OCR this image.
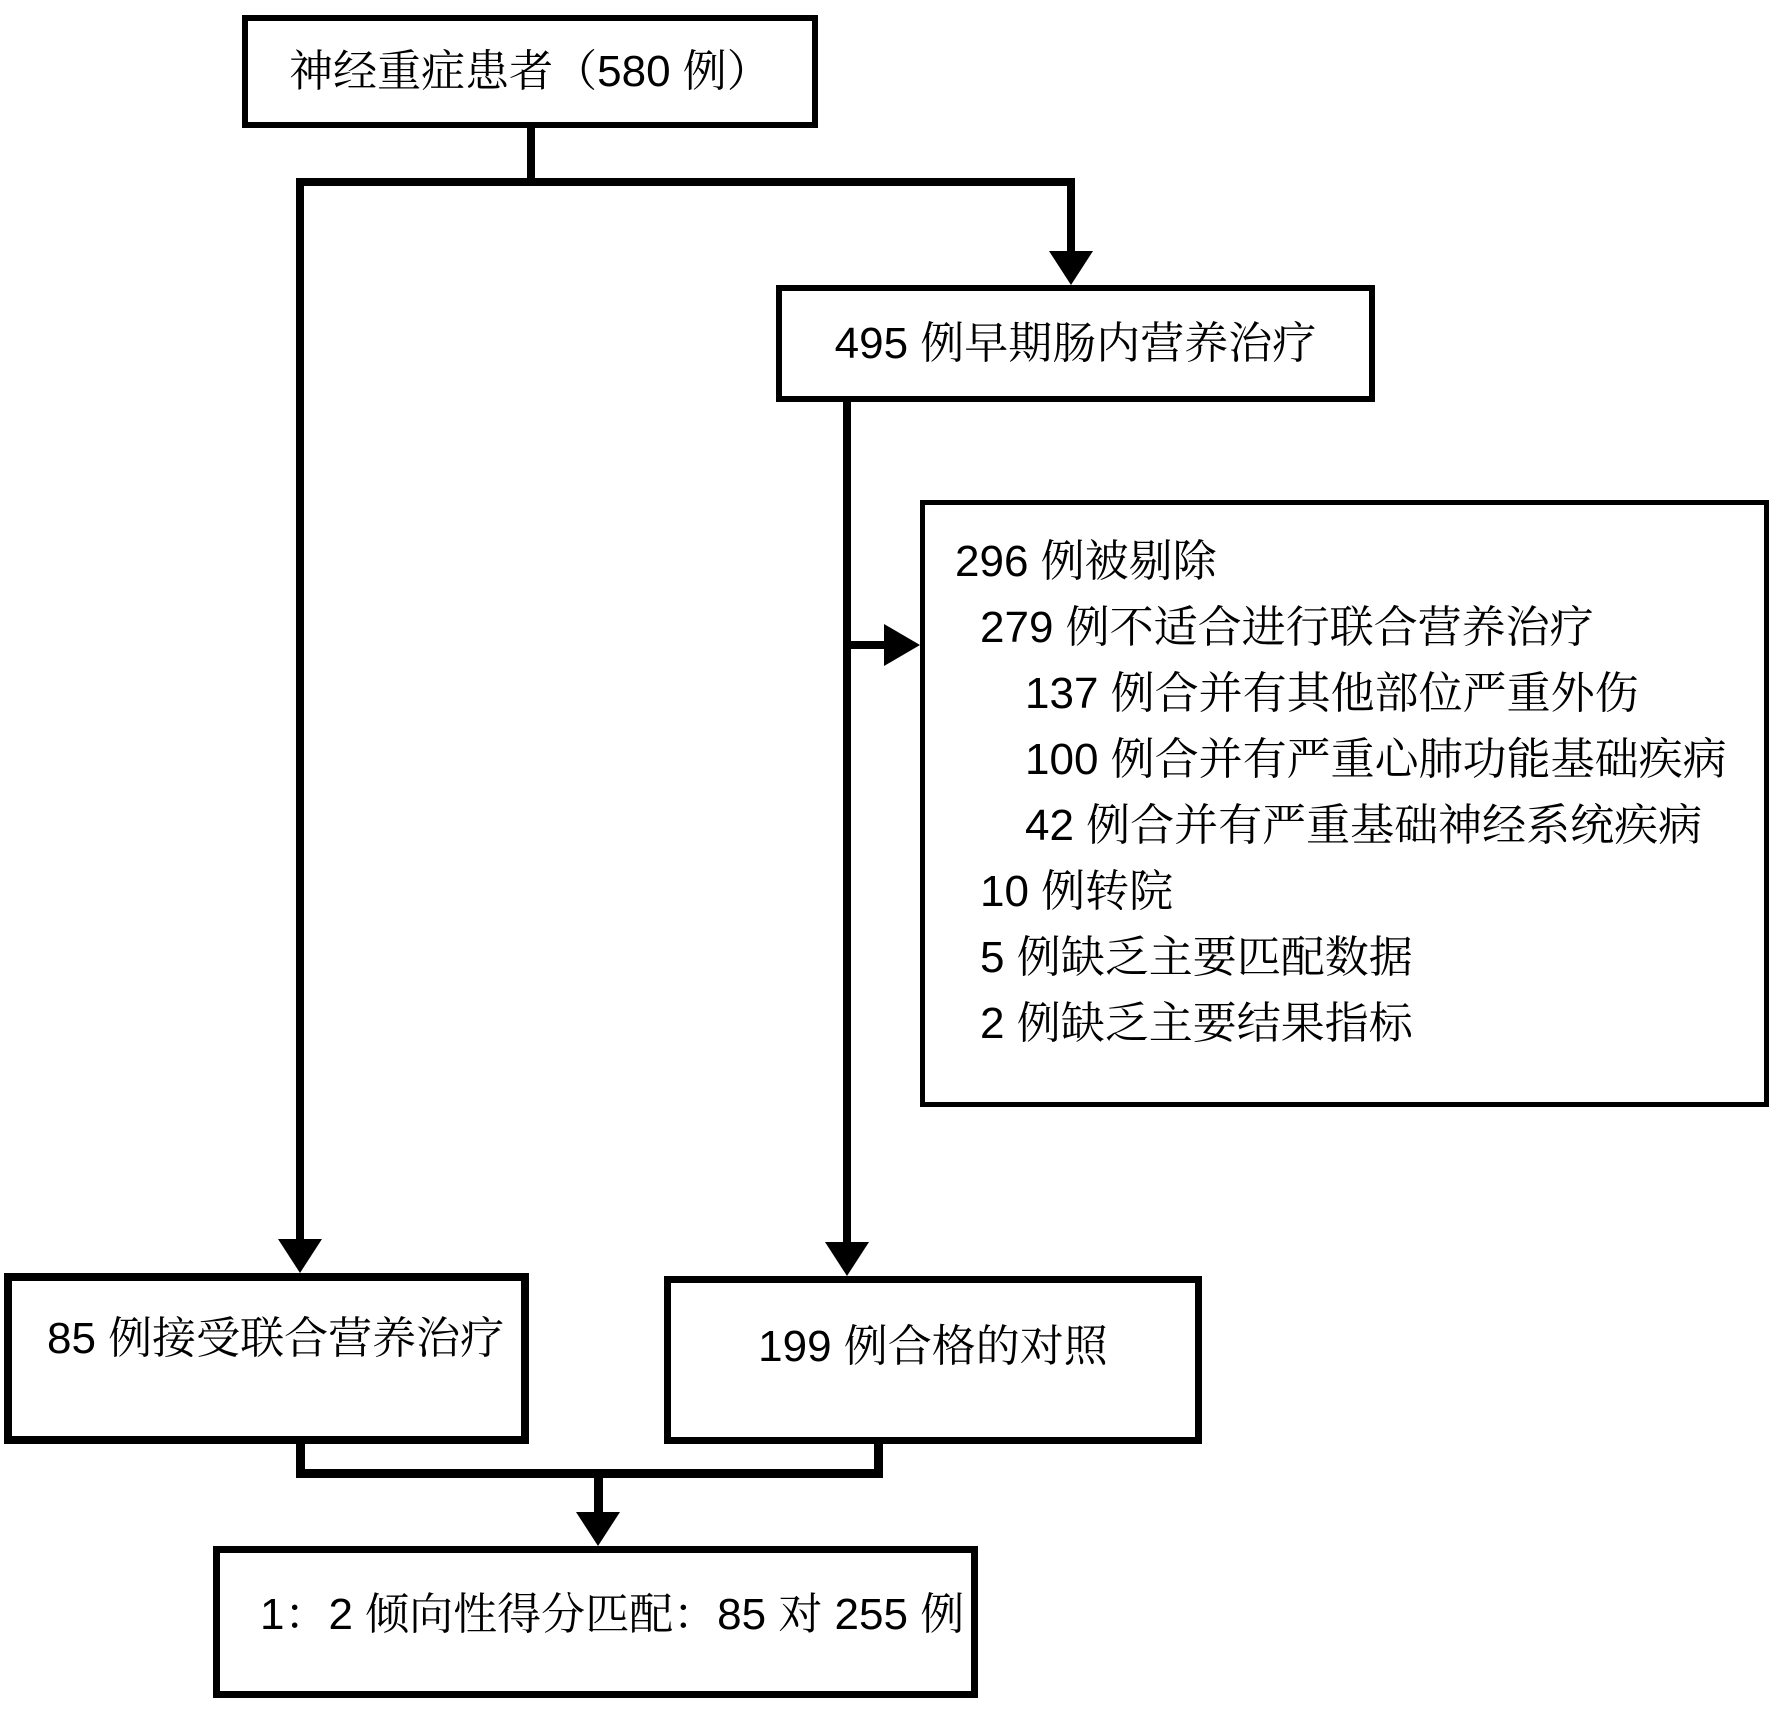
神经重症患者（580 例）
495 例早期肠内营养治疗
296 例被剔除
279 例不适合进行联合营养治疗
137 例合并有其他部位严重外伤
100 例合并有严重心肺功能基础疾病
42 例合并有严重基础神经系统疾病
10 例转院
5 例缺乏主要匹配数据
2 例缺乏主要结果指标
85 例接受联合营养治疗	199 例合格的对照
1：2 倾向性得分匹配：85 对 255 例
